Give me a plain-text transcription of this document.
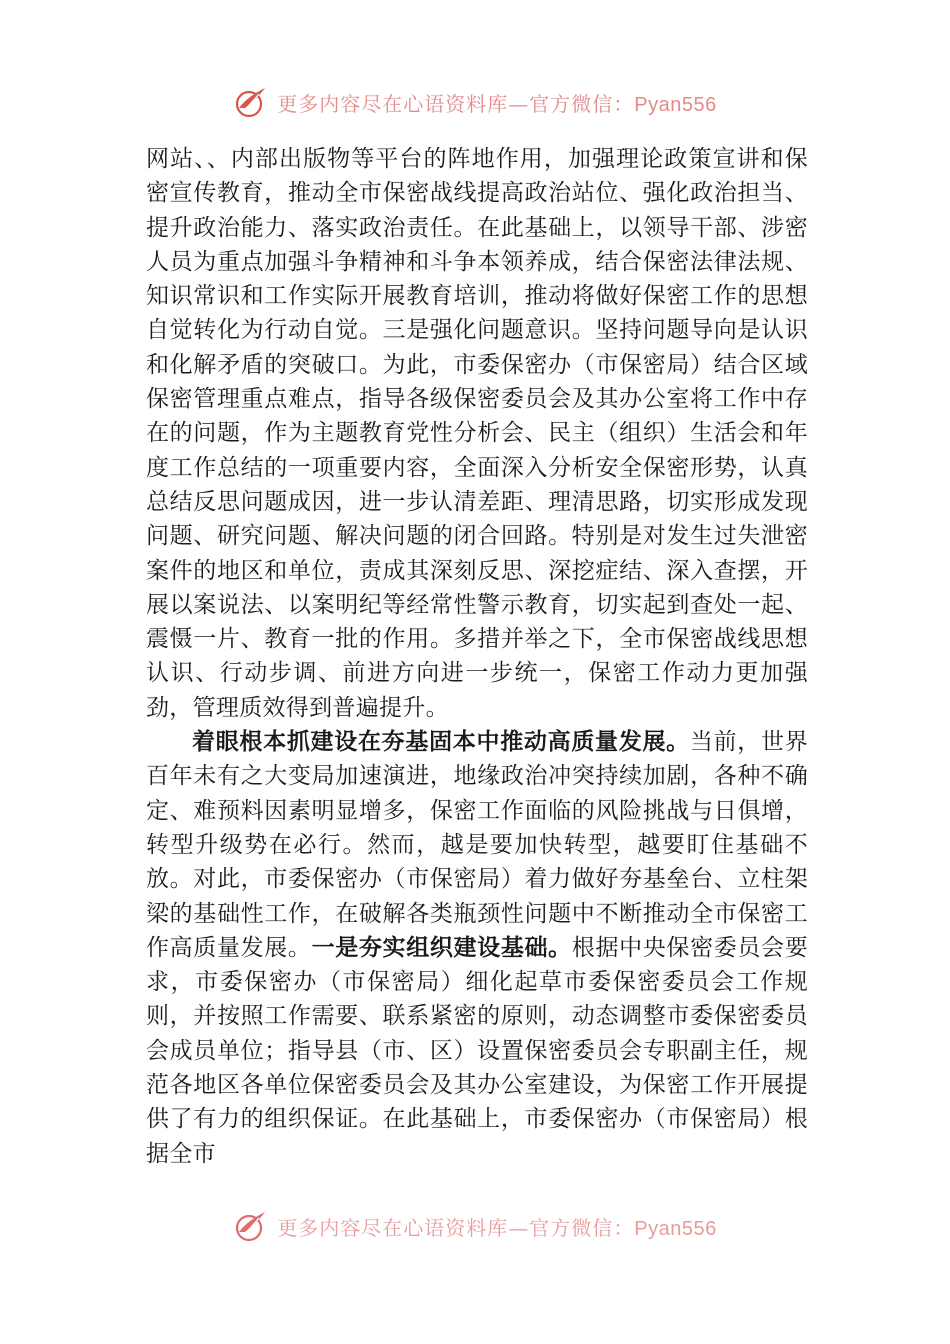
更多内容尽在心语资料库—官方微信：Pyan556

网站、、内部出版物等平台的阵地作用，加强理论政策宣讲和保密宣传教育，推动全市保密战线提高政治站位、强化政治担当、提升政治能力、落实政治责任。在此基础上，以领导干部、涉密人员为重点加强斗争精神和斗争本领养成，结合保密法律法规、知识常识和工作实际开展教育培训，推动将做好保密工作的思想自觉转化为行动自觉。三是强化问题意识。坚持问题导向是认识和化解矛盾的突破口。为此，市委保密办（市保密局）结合区域保密管理重点难点，指导各级保密委员会及其办公室将工作中存在的问题，作为主题教育党性分析会、民主（组织）生活会和年度工作总结的一项重要内容，全面深入分析安全保密形势，认真总结反思问题成因，进一步认清差距、理清思路，切实形成发现问题、研究问题、解决问题的闭合回路。特别是对发生过失泄密案件的地区和单位，责成其深刻反思、深挖症结、深入查摆，开展以案说法、以案明纪等经常性警示教育，切实起到查处一起、震慑一片、教育一批的作用。多措并举之下，全市保密战线思想认识、行动步调、前进方向进一步统一，保密工作动力更加强劲，管理质效得到普遍提升。

着眼根本抓建设在夯基固本中推动高质量发展。当前，世界百年未有之大变局加速演进，地缘政治冲突持续加剧，各种不确定、难预料因素明显增多，保密工作面临的风险挑战与日俱增，转型升级势在必行。然而，越是要加快转型，越要盯住基础不放。对此，市委保密办（市保密局）着力做好夯基垒台、立柱架梁的基础性工作，在破解各类瓶颈性问题中不断推动全市保密工作高质量发展。一是夯实组织建设基础。根据中央保密委员会要求，市委保密办（市保密局）细化起草市委保密委员会工作规则，并按照工作需要、联系紧密的原则，动态调整市委保密委员会成员单位；指导县（市、区）设置保密委员会专职副主任，规范各地区各单位保密委员会及其办公室建设，为保密工作开展提供了有力的组织保证。在此基础上，市委保密办（市保密局）根据全市

更多内容尽在心语资料库—官方微信：Pyan556
